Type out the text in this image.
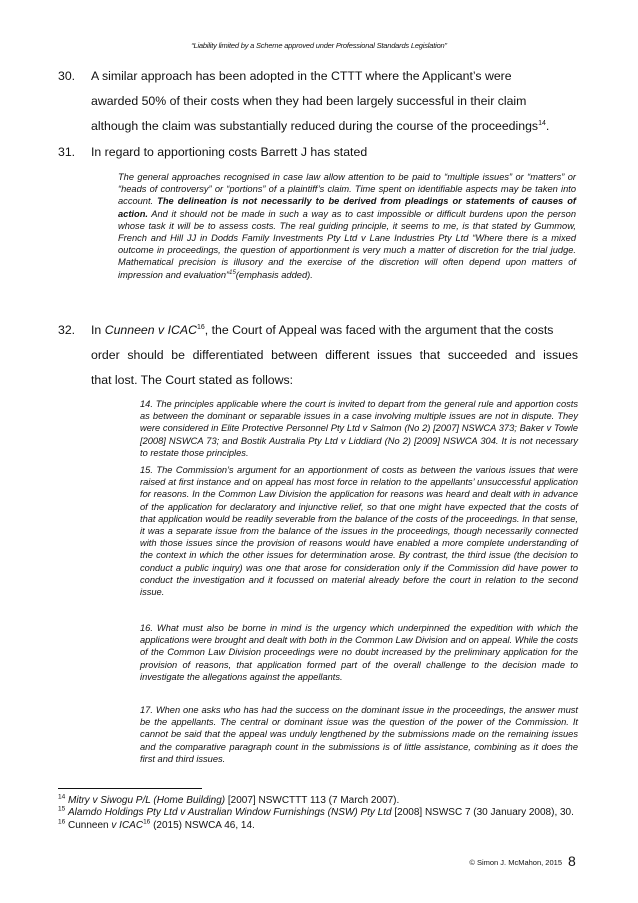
“Liability limited by a Scheme approved under Professional Standards Legislation”
30. A similar approach has been adopted in the CTTT where the Applicant’s were
awarded 50% of their costs when they had been largely successful in their claim
although the claim was substantially reduced during the course of the proceedings$^{14}$.
31. In regard to apportioning costs Barrett J has stated
The general approaches recognised in case law allow attention to be paid to “multiple issues” or “matters” or “heads of controversy” or “portions” of a plaintiff’s claim. Time spent on identifiable aspects may be taken into account. The delineation is not necessarily to be derived from pleadings or statements of causes of action. And it should not be made in such a way as to cast impossible or difficult burdens upon the person whose task it will be to assess costs. The real guiding principle, it seems to me, is that stated by Gummow, French and Hill JJ in Dodds Family Investments Pty Ltd v Lane Industries Pty Ltd “Where there is a mixed outcome in proceedings, the question of apportionment is very much a matter of discretion for the trial judge. Mathematical precision is illusory and the exercise of the discretion will often depend upon matters of impression and evaluation”$^{15}$(emphasis added).
32. In Cunneen v ICAC$^{16}$, the Court of Appeal was faced with the argument that the costs
order should be differentiated between different issues that succeeded and issues
that lost. The Court stated as follows:
14. The principles applicable where the court is invited to depart from the general rule and apportion costs as between the dominant or separable issues in a case involving multiple issues are not in dispute. They were considered in Elite Protective Personnel Pty Ltd v Salmon (No 2) [2007] NSWCA 373; Baker v Towle [2008] NSWCA 73; and Bostik Australia Pty Ltd v Liddiard (No 2) [2009] NSWCA 304. It is not necessary to restate those principles.
15. The Commission’s argument for an apportionment of costs as between the various issues that were raised at first instance and on appeal has most force in relation to the appellants’ unsuccessful application for reasons. In the Common Law Division the application for reasons was heard and dealt with in advance of the application for declaratory and injunctive relief, so that one might have expected that the costs of that application would be readily severable from the balance of the costs of the proceedings. In that sense, it was a separate issue from the balance of the issues in the proceedings, though necessarily connected with those issues since the provision of reasons would have enabled a more complete understanding of the context in which the other issues for determination arose. By contrast, the third issue (the decision to conduct a public inquiry) was one that arose for consideration only if the Commission did have power to conduct the investigation and it focussed on material already before the court in relation to the second issue.
16. What must also be borne in mind is the urgency which underpinned the expedition with which the applications were brought and dealt with both in the Common Law Division and on appeal. While the costs of the Common Law Division proceedings were no doubt increased by the preliminary application for the provision of reasons, that application formed part of the overall challenge to the decision made to investigate the allegations against the appellants.
17. When one asks who has had the success on the dominant issue in the proceedings, the answer must be the appellants. The central or dominant issue was the question of the power of the Commission. It cannot be said that the appeal was unduly lengthened by the submissions made on the remaining issues and the comparative paragraph count in the submissions is of little assistance, combining as it does the first and third issues.

$^{14}$ Mitry v Siwogu P/L (Home Building) [2007] NSWCTTT 113 (7 March 2007).

$^{15}$ Alamdo Holdings Pty Ltd v Australian Window Furnishings (NSW) Pty Ltd [2008] NSWSC 7 (30 January 2008), 30.

$^{16}$ Cunneen v ICAC$^{16}$ (2015) NSWCA 46, 14.

© Simon J. McMahon, 2015 8
